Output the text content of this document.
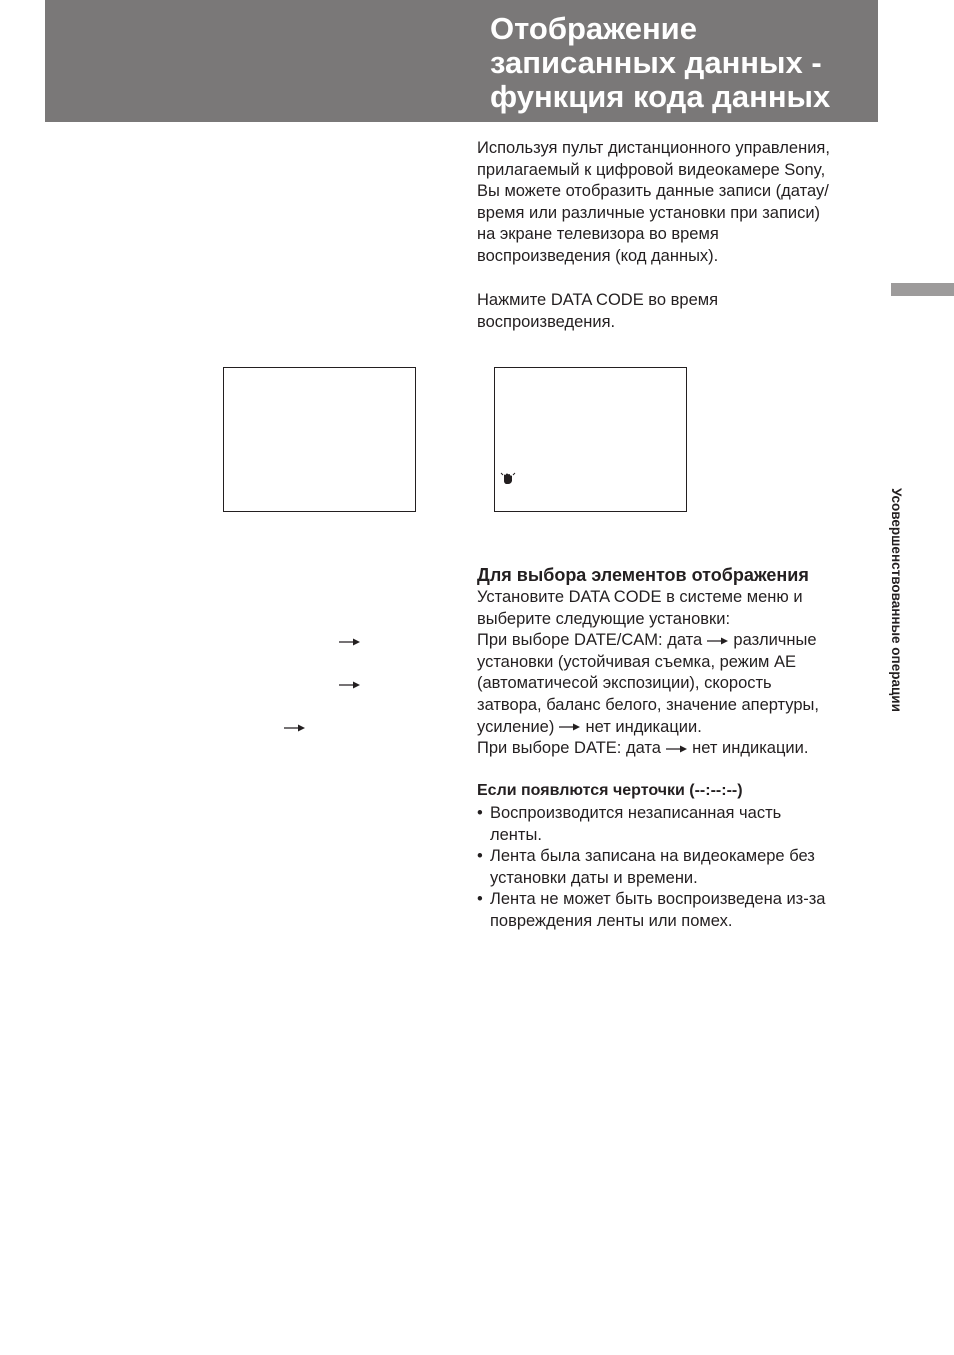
Отображение
записанных данных -
функция кода данных

Используя пульт дистанционного управления,
прилагаемый к цифровой видеокамере Sony,
Вы можете отобразить данные записи (датау/
время или различные установки при записи)
на экране телевизора во время
воспроизведения (код данных).

Нажмите DATA CODE во время
воспроизведения.

Для выбора элементов отображения

Установите DATA CODE в системе меню и
выберите следующие установки:
При выборе DATE/CAM: дата  различные
установки (устойчивая съемка, режим AE
(автоматичесой экспозиции), скорость
затвора, баланс белого, значение апертуры,
усиление)  нет индикации.
При выборе DATE: дата  нет индикации.

Если появлются черточки (--:--:--)
• Воспроизводится незаписанная часть
ленты.
• Лента была записана на видеокамере без
установки даты и времени.
• Лента не может быть воспроизведена из-за
повреждения ленты или помех.
Усовершенствованные операции
